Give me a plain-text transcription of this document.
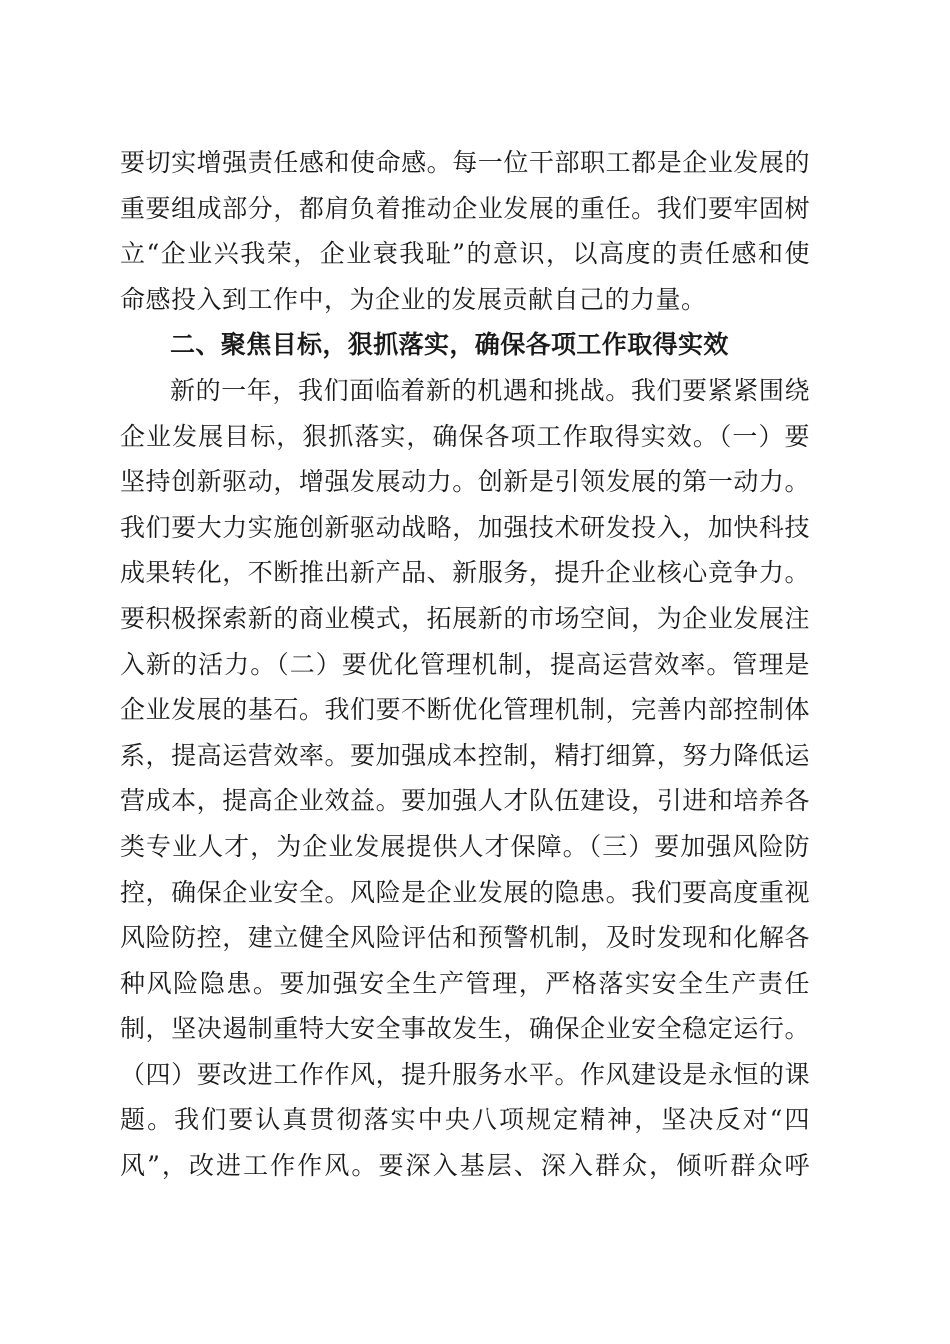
要切实增强责任感和使命感。每一位干部职工都是企业发展的
重要组成部分，都肩负着推动企业发展的重任。我们要牢固树
立“企业兴我荣，企业衰我耻”的意识，以高度的责任感和使
命感投入到工作中，为企业的发展贡献自己的力量。
二、聚焦目标，狠抓落实，确保各项工作取得实效
新的一年，我们面临着新的机遇和挑战。我们要紧紧围绕
企业发展目标，狠抓落实，确保各项工作取得实效。（一）要
坚持创新驱动，增强发展动力。创新是引领发展的第一动力。
我们要大力实施创新驱动战略，加强技术研发投入，加快科技
成果转化，不断推出新产品、新服务，提升企业核心竞争力。
要积极探索新的商业模式，拓展新的市场空间，为企业发展注
入新的活力。（二）要优化管理机制，提高运营效率。管理是
企业发展的基石。我们要不断优化管理机制，完善内部控制体
系，提高运营效率。要加强成本控制，精打细算，努力降低运
营成本，提高企业效益。要加强人才队伍建设，引进和培养各
类专业人才，为企业发展提供人才保障。（三）要加强风险防
控，确保企业安全。风险是企业发展的隐患。我们要高度重视
风险防控，建立健全风险评估和预警机制，及时发现和化解各
种风险隐患。要加强安全生产管理，严格落实安全生产责任
制，坚决遏制重特大安全事故发生，确保企业安全稳定运行。
（四）要改进工作作风，提升服务水平。作风建设是永恒的课
题。我们要认真贯彻落实中央八项规定精神，坚决反对“四
风”，改进工作作风。要深入基层、深入群众，倾听群众呼
